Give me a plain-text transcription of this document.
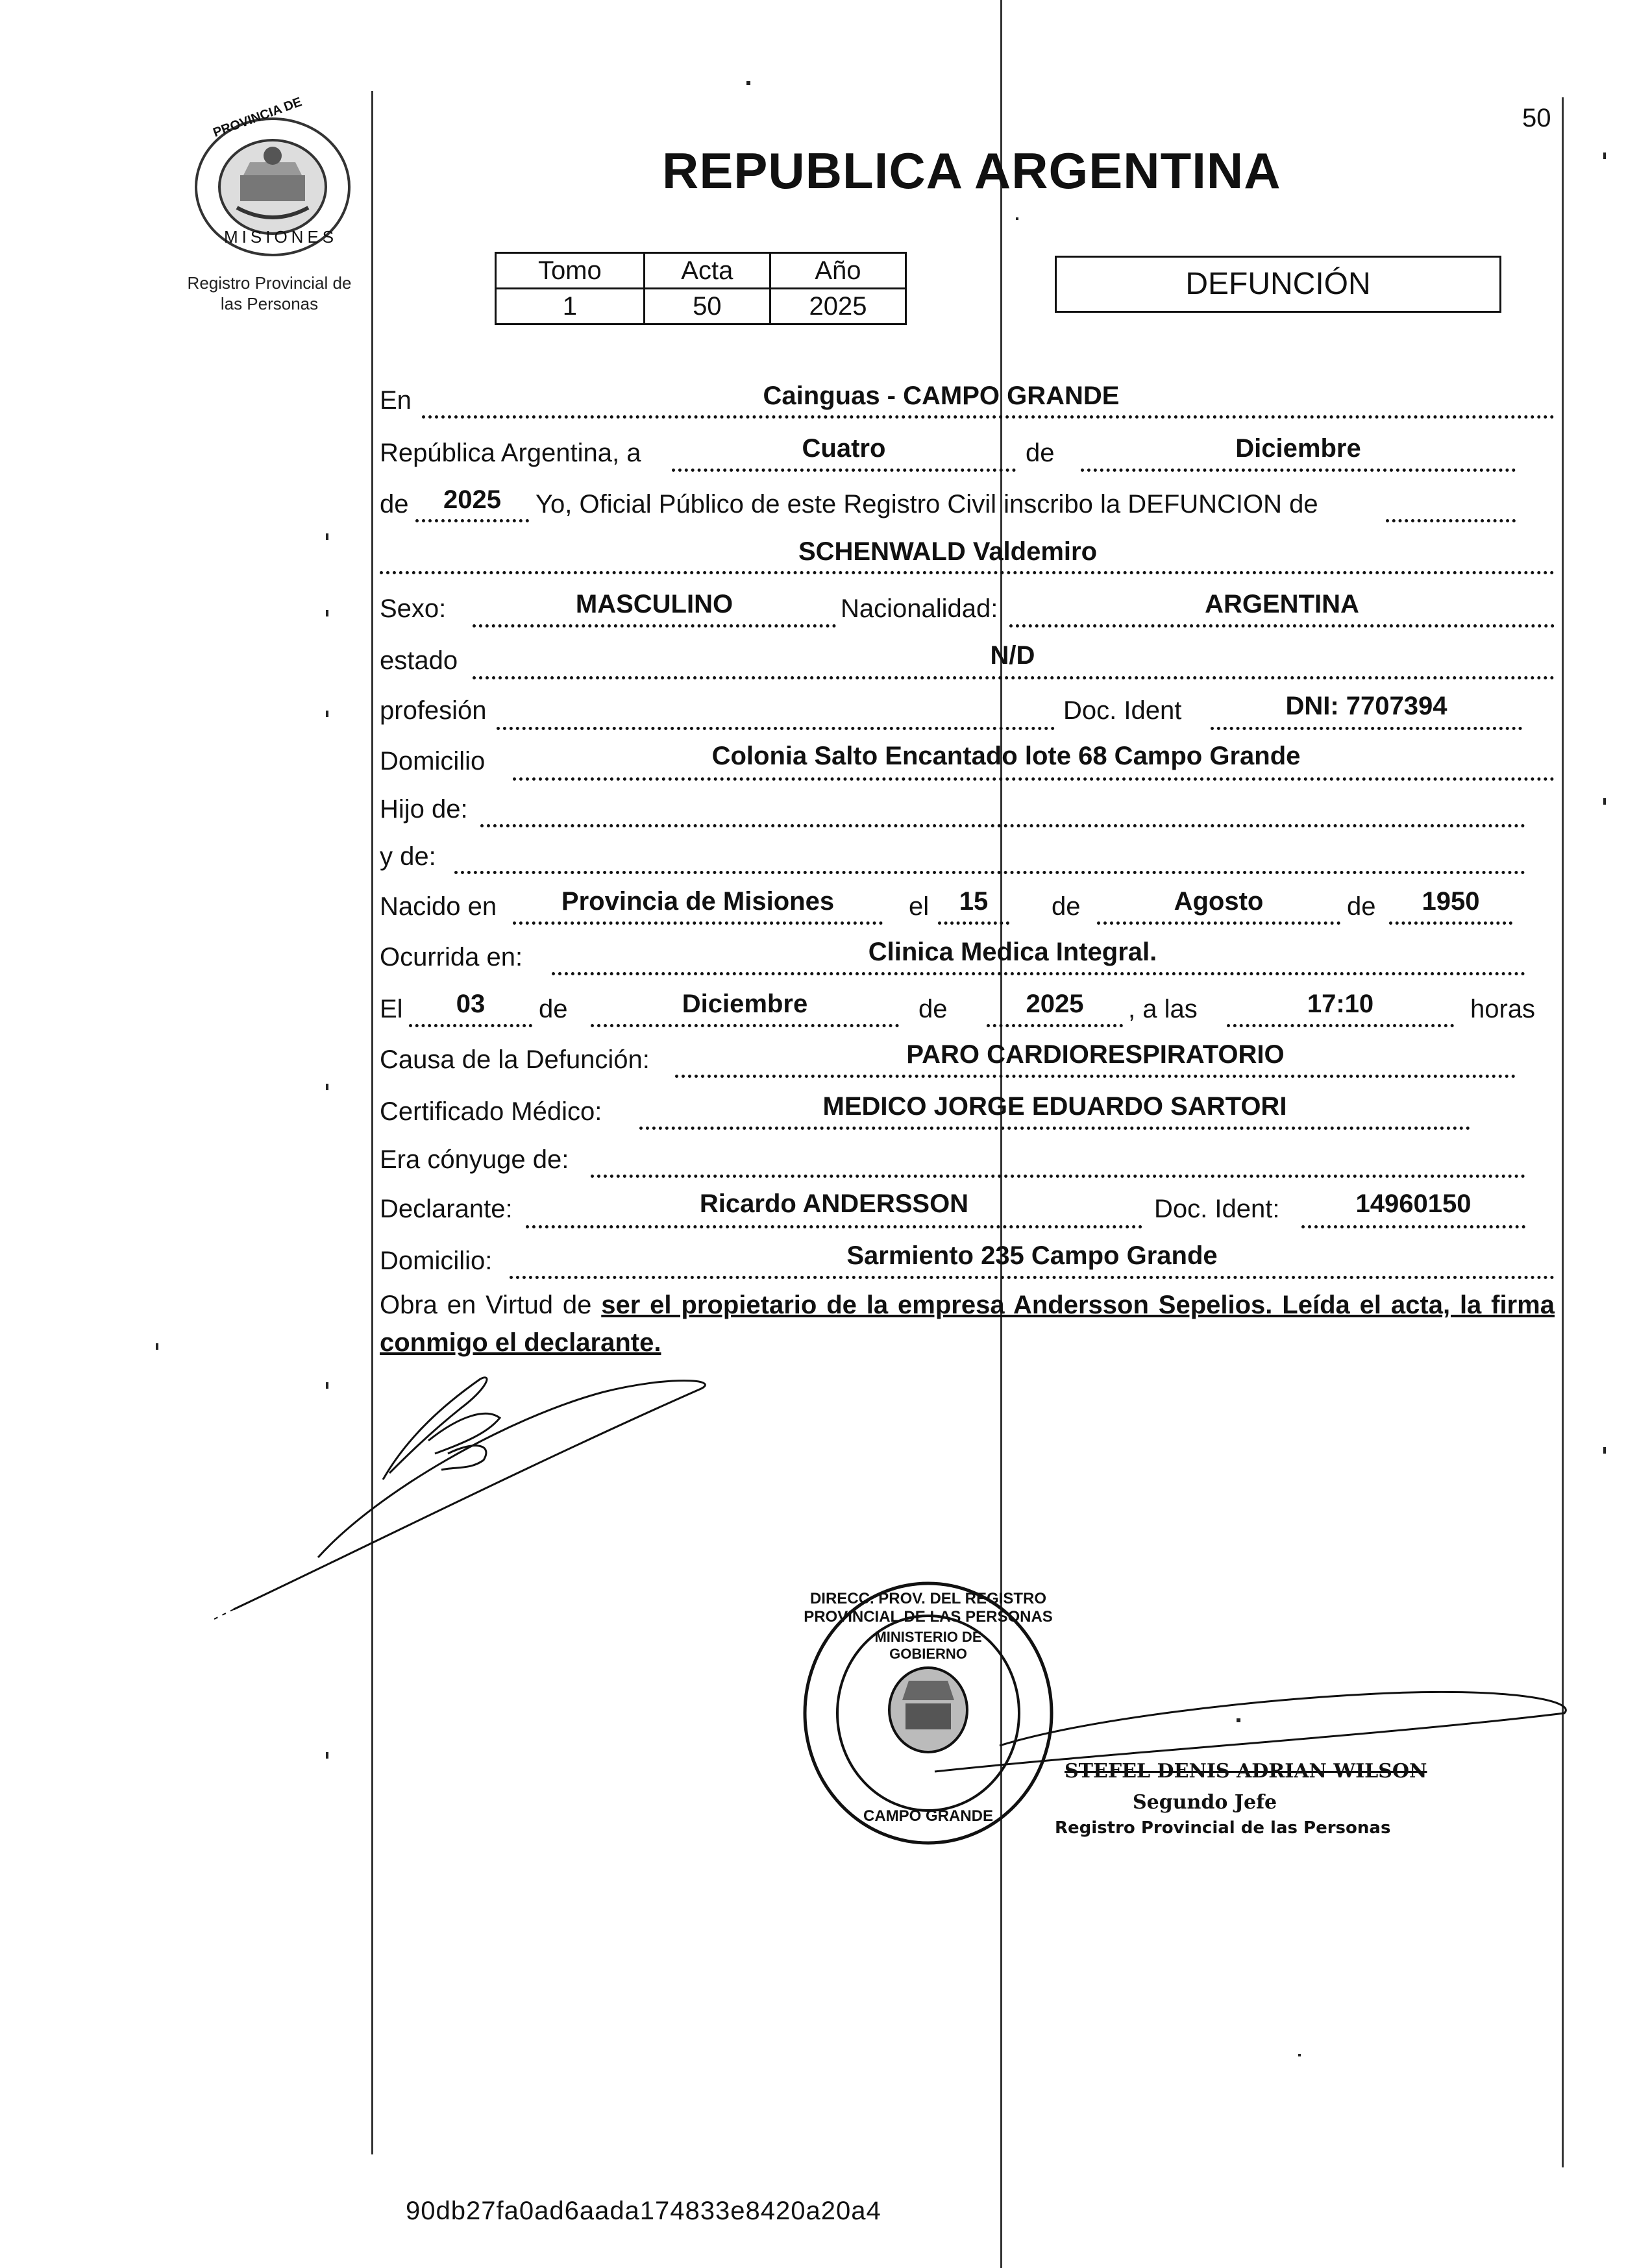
50
PROVINCIA DE
MISIONES
Registro Provincial de
las Personas
REPUBLICA ARGENTINA
Tomo	Acta	Año
1	50	2025
DEFUNCIÓN
En	Cainguas - CAMPO GRANDE
República Argentina, a	Cuatro	de	Diciembre
de	2025	Yo, Oficial Público de este Registro Civil inscribo la DEFUNCION de
SCHENWALD Valdemiro
Sexo:	MASCULINO	Nacionalidad:	ARGENTINA
estado	N/D
profesión	Doc. Ident	DNI: 7707394
Domicilio	Colonia Salto Encantado lote 68 Campo Grande
Hijo de:
y de:
Nacido en	Provincia de Misiones	el	15	de	Agosto	de	1950
Ocurrida en:	Clinica Medica Integral.
El	03	de	Diciembre	de	2025	, a las	17:10	horas
Causa de la Defunción:	PARO CARDIORESPIRATORIO
Certificado Médico:	MEDICO JORGE EDUARDO SARTORI
Era cónyuge de:
Declarante:	Ricardo ANDERSSON	Doc. Ident:	14960150
Domicilio:	Sarmiento 235 Campo Grande
Obra en Virtud de ser el propietario de la empresa Andersson Sepelios. Leída el acta, la firma conmigo el declarante.
DIRECC. PROV. DEL REGISTRO PROVINCIAL DE LAS PERSONAS
MINISTERIO DE GOBIERNO
CAMPO GRANDE
STEFEL DENIS ADRIAN WILSON
Segundo Jefe
Registro Provincial de las Personas
90db27fa0ad6aada174833e8420a20a4
